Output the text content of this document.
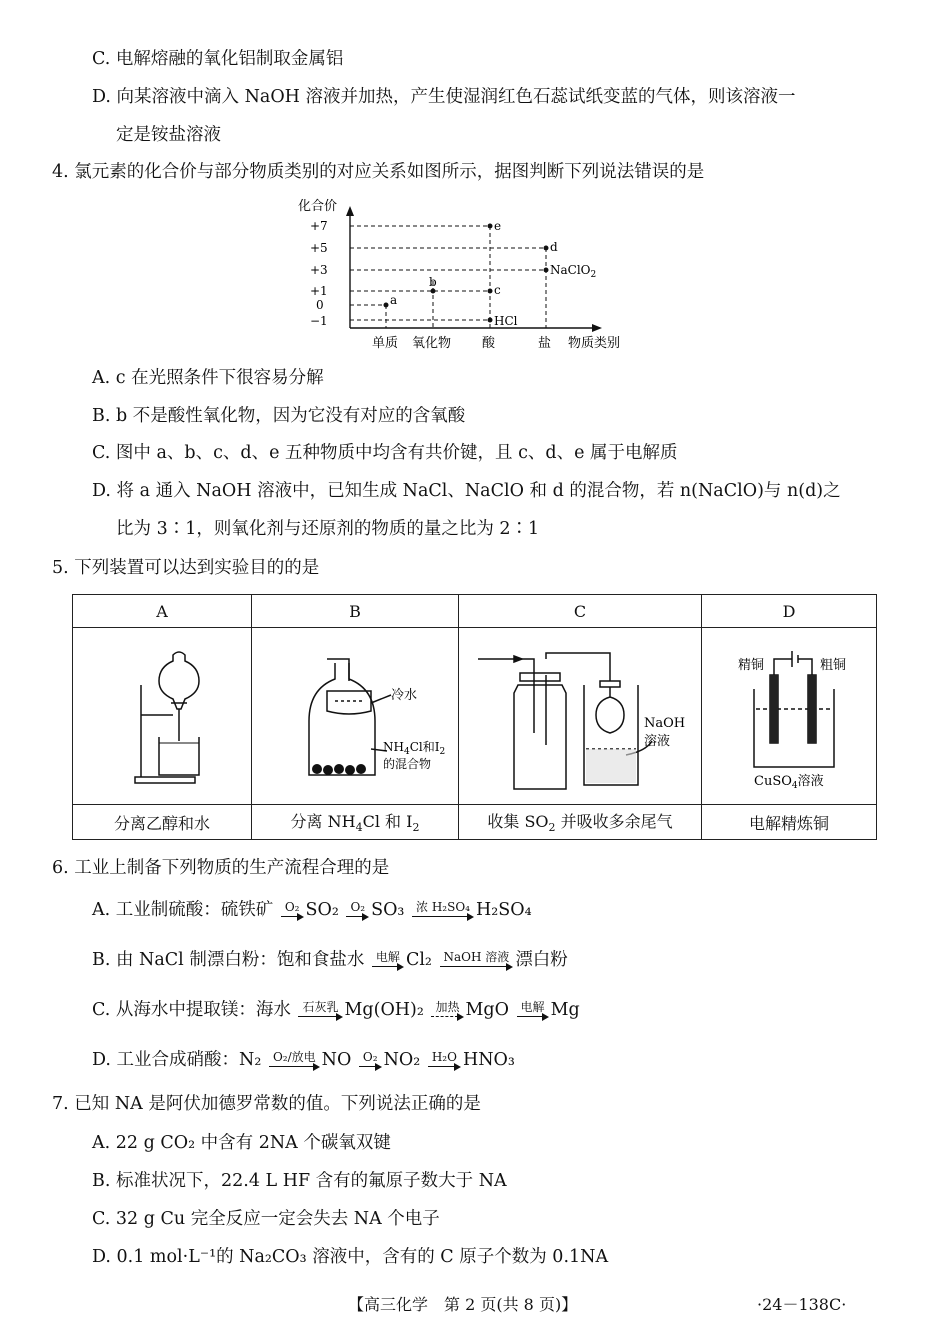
C. 电解熔融的氧化铝制取金属铝
D. 向某溶液中滴入 NaOH 溶液并加热，产生使湿润红色石蕊试纸变蓝的气体，则该溶液一
定是铵盐溶液
4. 氯元素的化合价与部分物质类别的对应关系如图所示，据图判断下列说法错误的是
化合价
+7
+5
+3
+1
0
−1
a
b
c
e
d
NaClO$_2$
HCl
单质 氧化物 酸	盐 物质类别
A. c 在光照条件下很容易分解
B. b 不是酸性氧化物，因为它没有对应的含氧酸
C. 图中 a、b、c、d、e 五种物质中均含有共价键，且 c、d、e 属于电解质
D. 将 a 通入 NaOH 溶液中，已知生成 NaCl、NaClO 和 d 的混合物，若 n(NaClO)与 n(d)之
比为 3∶1，则氧化剂与还原剂的物质的量之比为 2∶1
5. 下列装置可以达到实验目的的是
A	B	C	D

冷水
$NH_4Cl$和$I_2$
的混合物	NaOH
溶液	精铜 粗铜
CuSO$_4$溶液

分离乙醇和水	分离 $NH_4Cl$ 和 $I_2$	收集 $SO_2$ 并吸收多余尾气	电解精炼铜
6. 工业上制备下列物质的生产流程合理的是
A. 工业制硫酸：硫铁矿 O₂ SO₂ O₂ SO₃ 浓 H₂SO₄ H₂SO₄
B. 由 NaCl 制漂白粉：饱和食盐水 电解 Cl₂ NaOH 溶液 漂白粉
C. 从海水中提取镁：海水 石灰乳 Mg(OH)₂ 加热 MgO 电解 Mg
D. 工业合成硝酸：N₂ O₂/放电 NO O₂ NO₂ H₂O HNO₃
7. 已知 NA 是阿伏加德罗常数的值。下列说法正确的是
A. 22 g CO₂ 中含有 2NA 个碳氧双键
B. 标准状况下，22.4 L HF 含有的氟原子数大于 NA
C. 32 g Cu 完全反应一定会失去 NA 个电子
D. 0.1 mol·L⁻¹的 Na₂CO₃ 溶液中，含有的 C 原子个数为 0.1NA
【高三化学　第 2 页(共 8 页)】	·24－138C·
